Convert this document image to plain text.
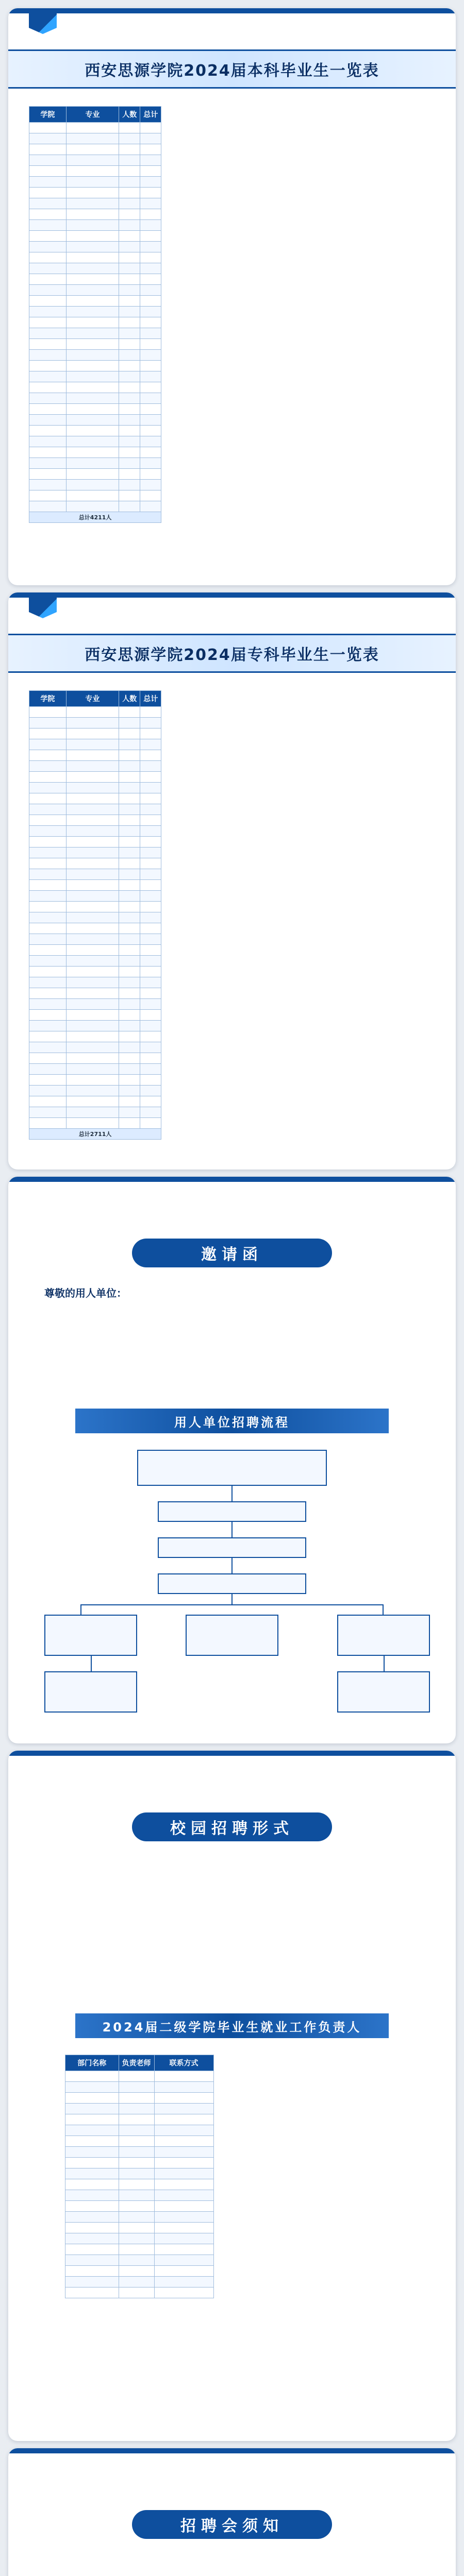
西安思源学院2024届本科毕业生一览表
学院	专业	人数	总计

总计4211人			
西安思源学院2024届专科毕业生一览表
学院	专业	人数	总计

总计2711人			
邀请函
尊敬的用人单位：

用人单位招聘流程
校园招聘形式
2024届二级学院毕业生就业工作负责人
部门名称	负责老师	联系方式

招聘会须知
